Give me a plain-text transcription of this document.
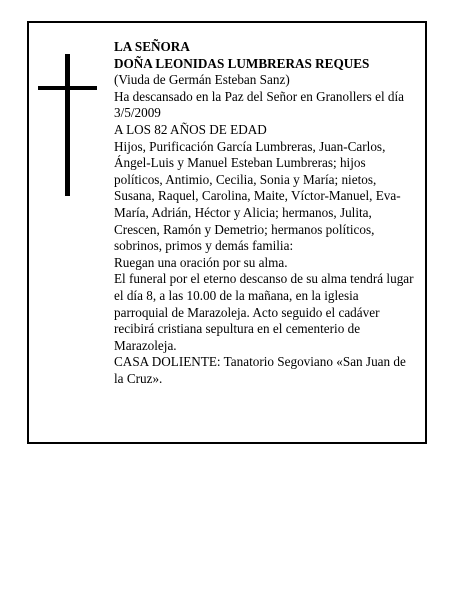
LA SEÑORA

DOÑA LEONIDAS LUMBRERAS REQUES

(Viuda de Germán Esteban Sanz)

Ha descansado en la Paz del Señor en Granollers el día 3/5/2009

A LOS 82 AÑOS DE EDAD

Hijos, Purificación García Lumbreras, Juan-Carlos, Ángel-Luis y Manuel Esteban Lumbreras; hijos políticos, Antimio, Cecilia, Sonia y María; nietos, Susana, Raquel, Carolina, Maite, Víctor-Manuel, Eva-María, Adrián, Héctor y Alicia; hermanos, Julita, Crescen, Ramón y Demetrio; hermanos políticos, sobrinos, primos y demás familia:

Ruegan una oración por su alma.

El funeral por el eterno descanso de su alma tendrá lugar el día 8, a las 10.00 de la mañana, en la iglesia parroquial de Marazoleja. Acto seguido el cadáver recibirá cristiana sepultura en el cementerio de Marazoleja.

CASA DOLIENTE: Tanatorio Segoviano «San Juan de la Cruz».
